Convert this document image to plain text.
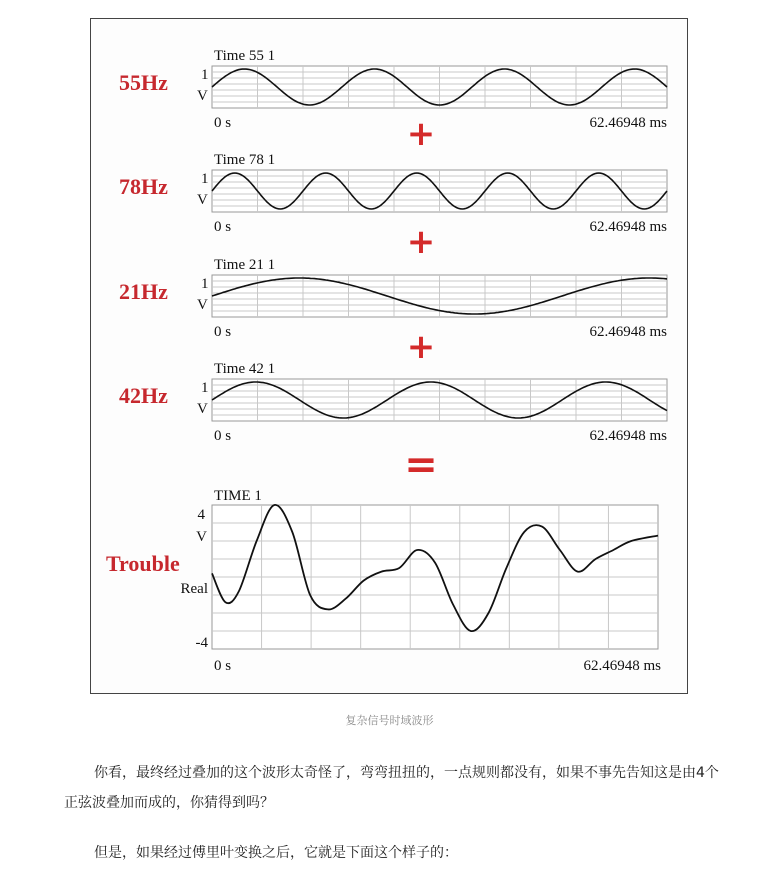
Time 55 1
55Hz 1
V
0 s	62.46948 ms
Time 78 1
78Hz 1
V
0 s	62.46948 ms
Time 21 1
21Hz 1
V
0 s	62.46948 ms
Time 42 1
42Hz 1
V
0 s	62.46948 ms
+
+
+
=
TIME 1
Trouble
4
V
Real
-4
0 s	62.46948 ms
复杂信号时域波形

你看，最终经过叠加的这个波形太奇怪了，弯弯扭扭的，一点规则都没有，如果不事先告知这是由4个正弦波叠加而成的，你猜得到吗？

但是，如果经过傅里叶变换之后，它就是下面这个样子的：
